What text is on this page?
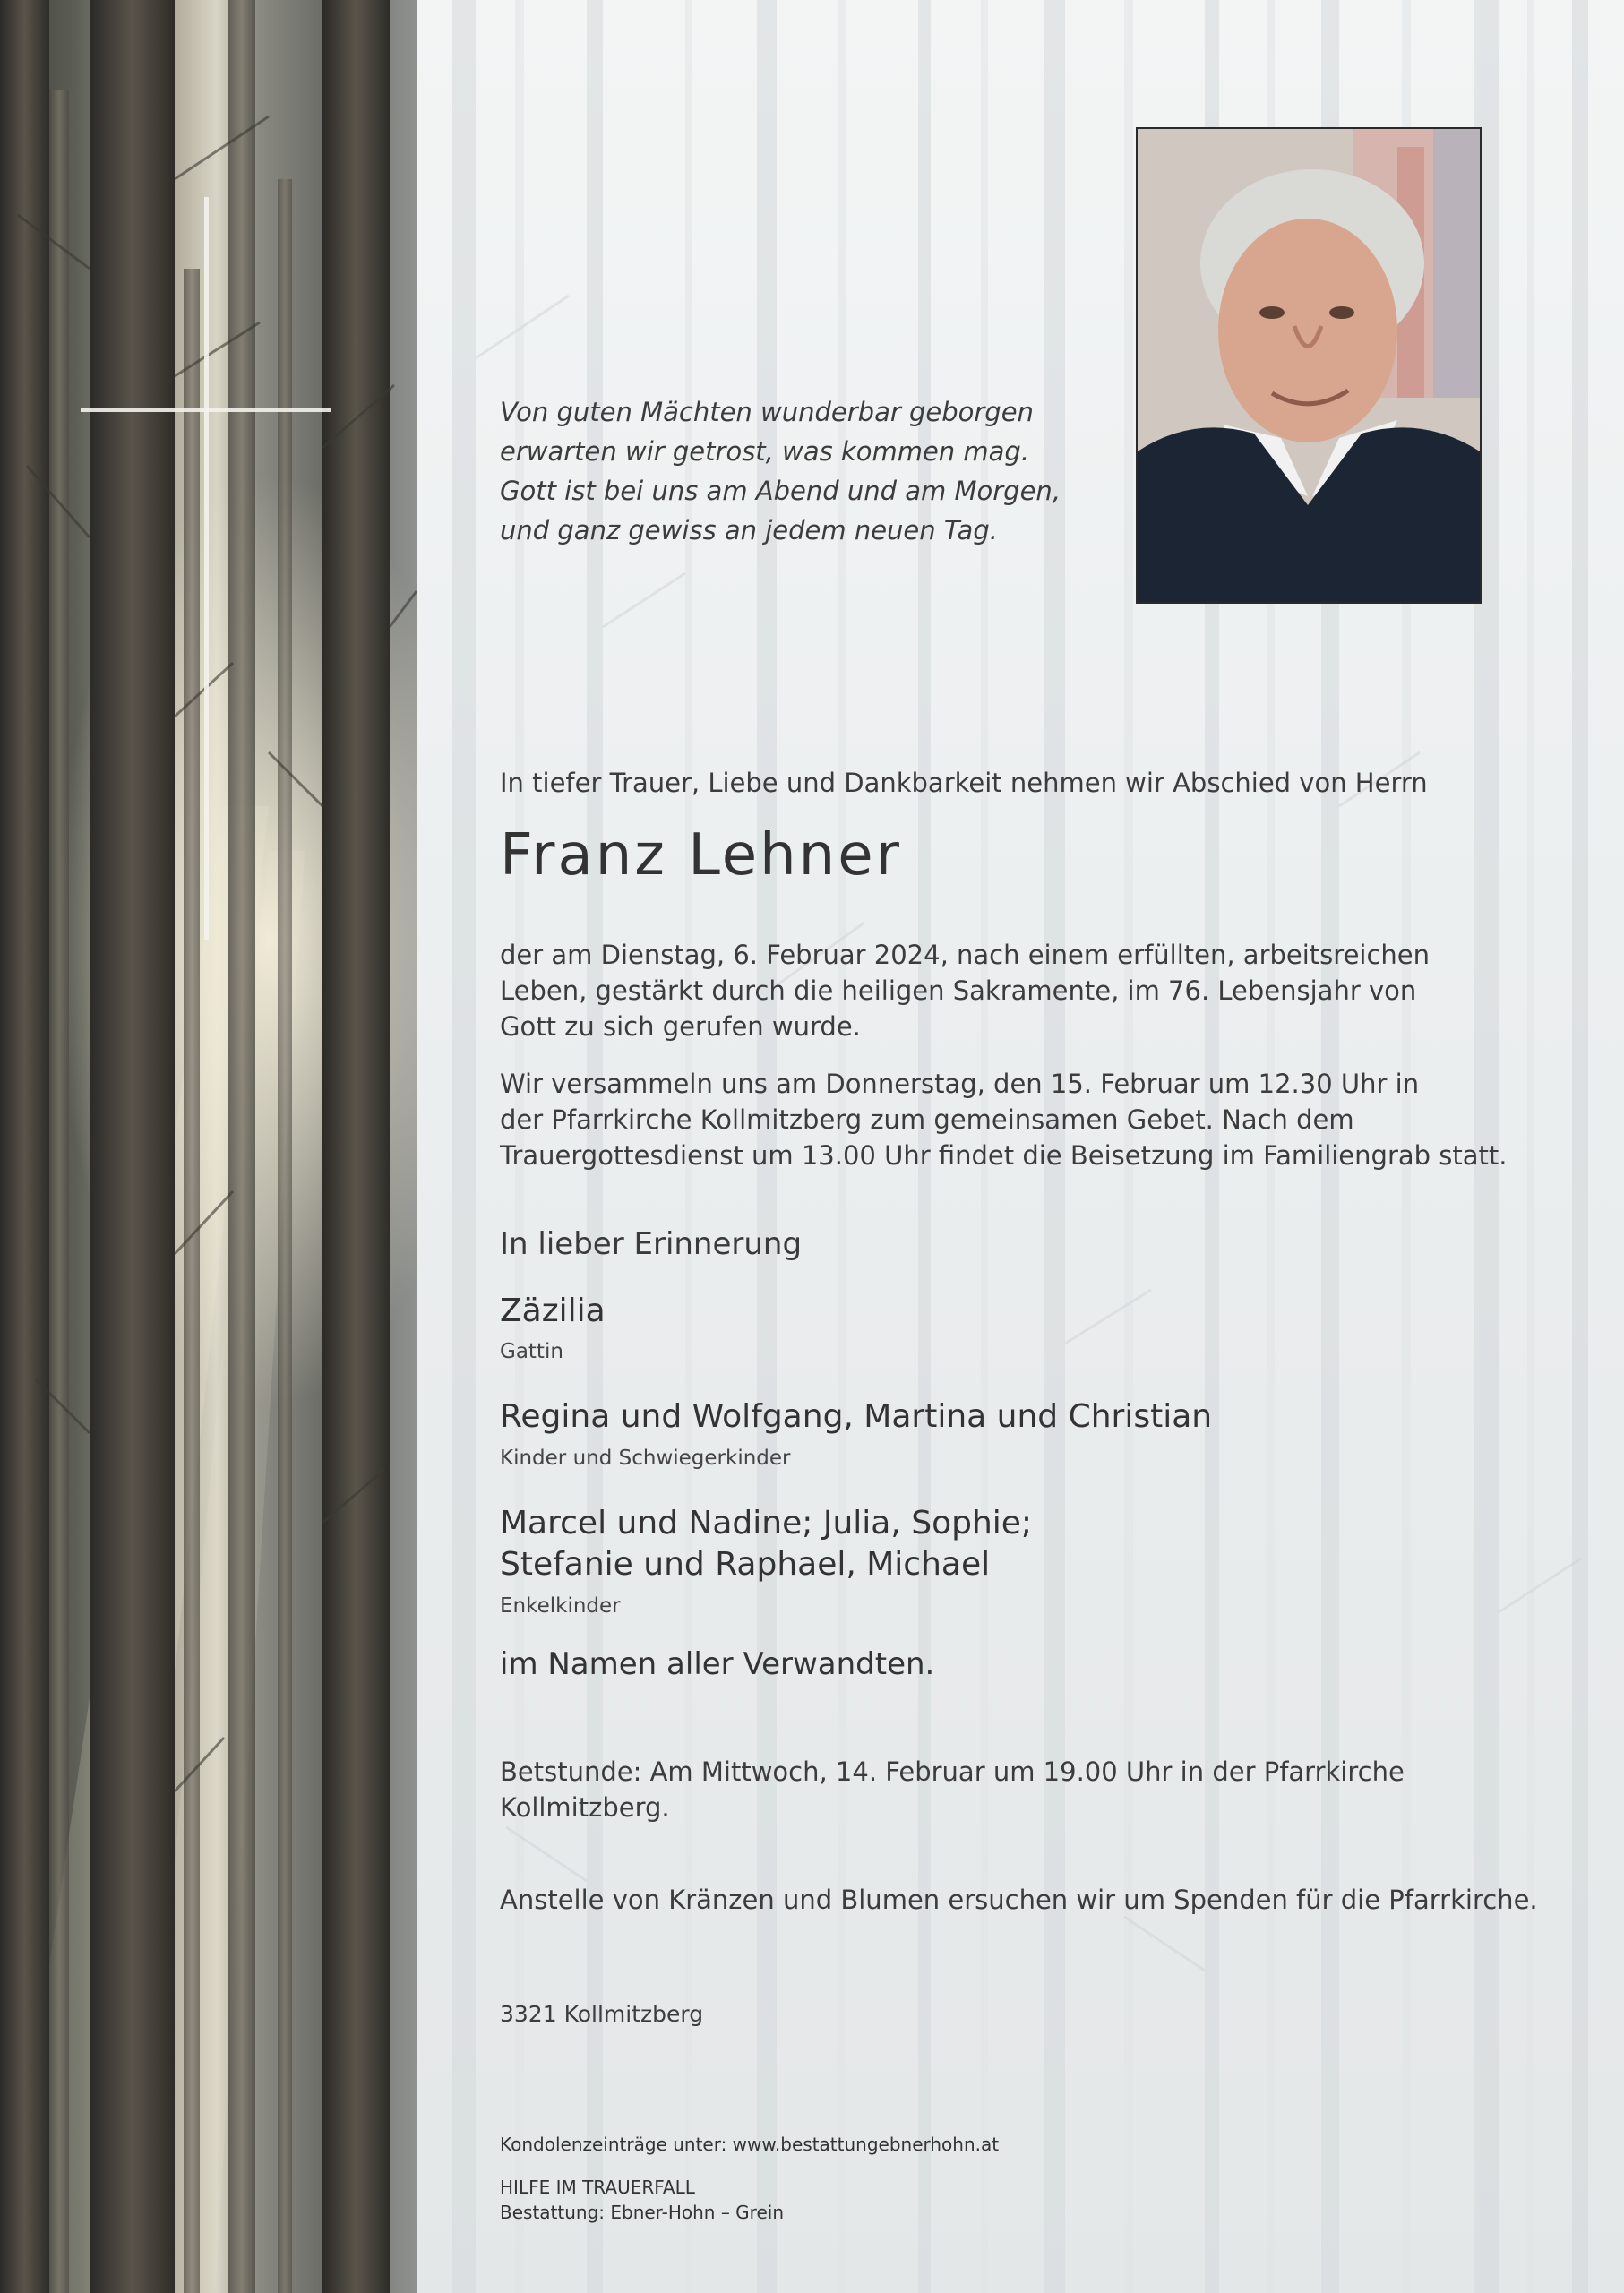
Von guten Mächten wunderbar geborgen
erwarten wir getrost, was kommen mag.
Gott ist bei uns am Abend und am Morgen,
und ganz gewiss an jedem neuen Tag.
In tiefer Trauer, Liebe und Dankbarkeit nehmen wir Abschied von Herrn
Franz Lehner
der am Dienstag, 6. Februar 2024, nach einem erfüllten, arbeitsreichen
Leben, gestärkt durch die heiligen Sakramente, im 76. Lebensjahr von
Gott zu sich gerufen wurde.
Wir versammeln uns am Donnerstag, den 15. Februar um 12.30 Uhr in
der Pfarrkirche Kollmitzberg zum gemeinsamen Gebet. Nach dem
Trauergottesdienst um 13.00 Uhr findet die Beisetzung im Familiengrab statt.
In lieber Erinnerung
Zäzilia
Gattin
Regina und Wolfgang, Martina und Christian
Kinder und Schwiegerkinder
Marcel und Nadine; Julia, Sophie;
Stefanie und Raphael, Michael
Enkelkinder
im Namen aller Verwandten.
Betstunde: Am Mittwoch, 14. Februar um 19.00 Uhr in der Pfarrkirche
Kollmitzberg.
Anstelle von Kränzen und Blumen ersuchen wir um Spenden für die Pfarrkirche.
3321 Kollmitzberg
Kondolenzeinträge unter: www.bestattungebnerhohn.at
HILFE IM TRAUERFALL
Bestattung: Ebner-Hohn – Grein
